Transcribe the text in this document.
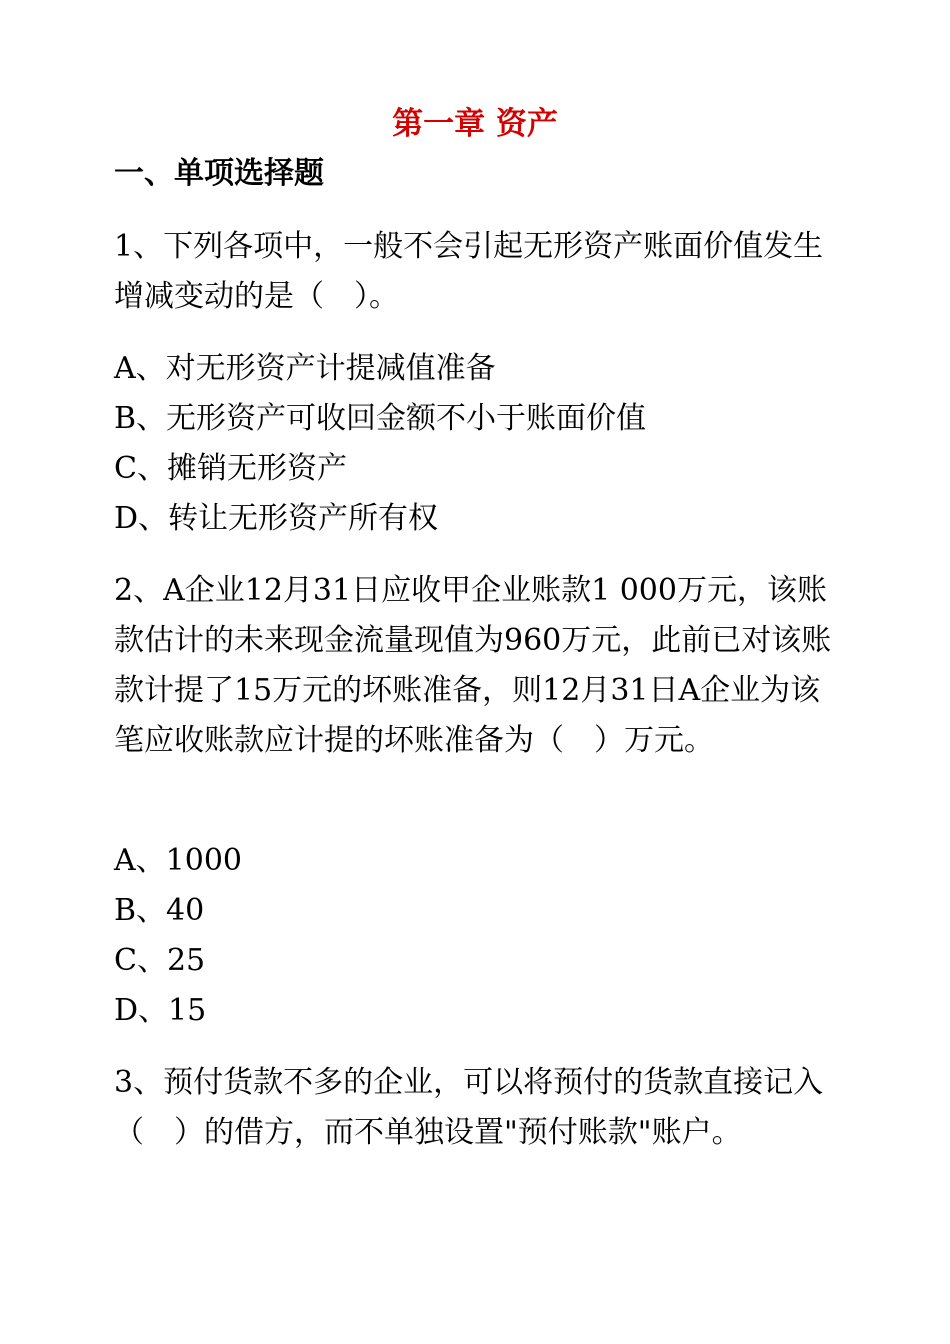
第一章 资产
一、单项选择题

1、下列各项中，一般不会引起无形资产账面价值发生增减变动的是（　）。

A、对无形资产计提减值准备
B、无形资产可收回金额不小于账面价值
C、摊销无形资产
D、转让无形资产所有权

2、A企业12月31日应收甲企业账款1 000万元，该账款估计的未来现金流量现值为960万元，此前已对该账款计提了15万元的坏账准备，则12月31日A企业为该笔应收账款应计提的坏账准备为（　）万元。

A、1000
B、40
C、25
D、15

3、预付货款不多的企业，可以将预付的货款直接记入（　）的借方，而不单独设置"预付账款"账户。
